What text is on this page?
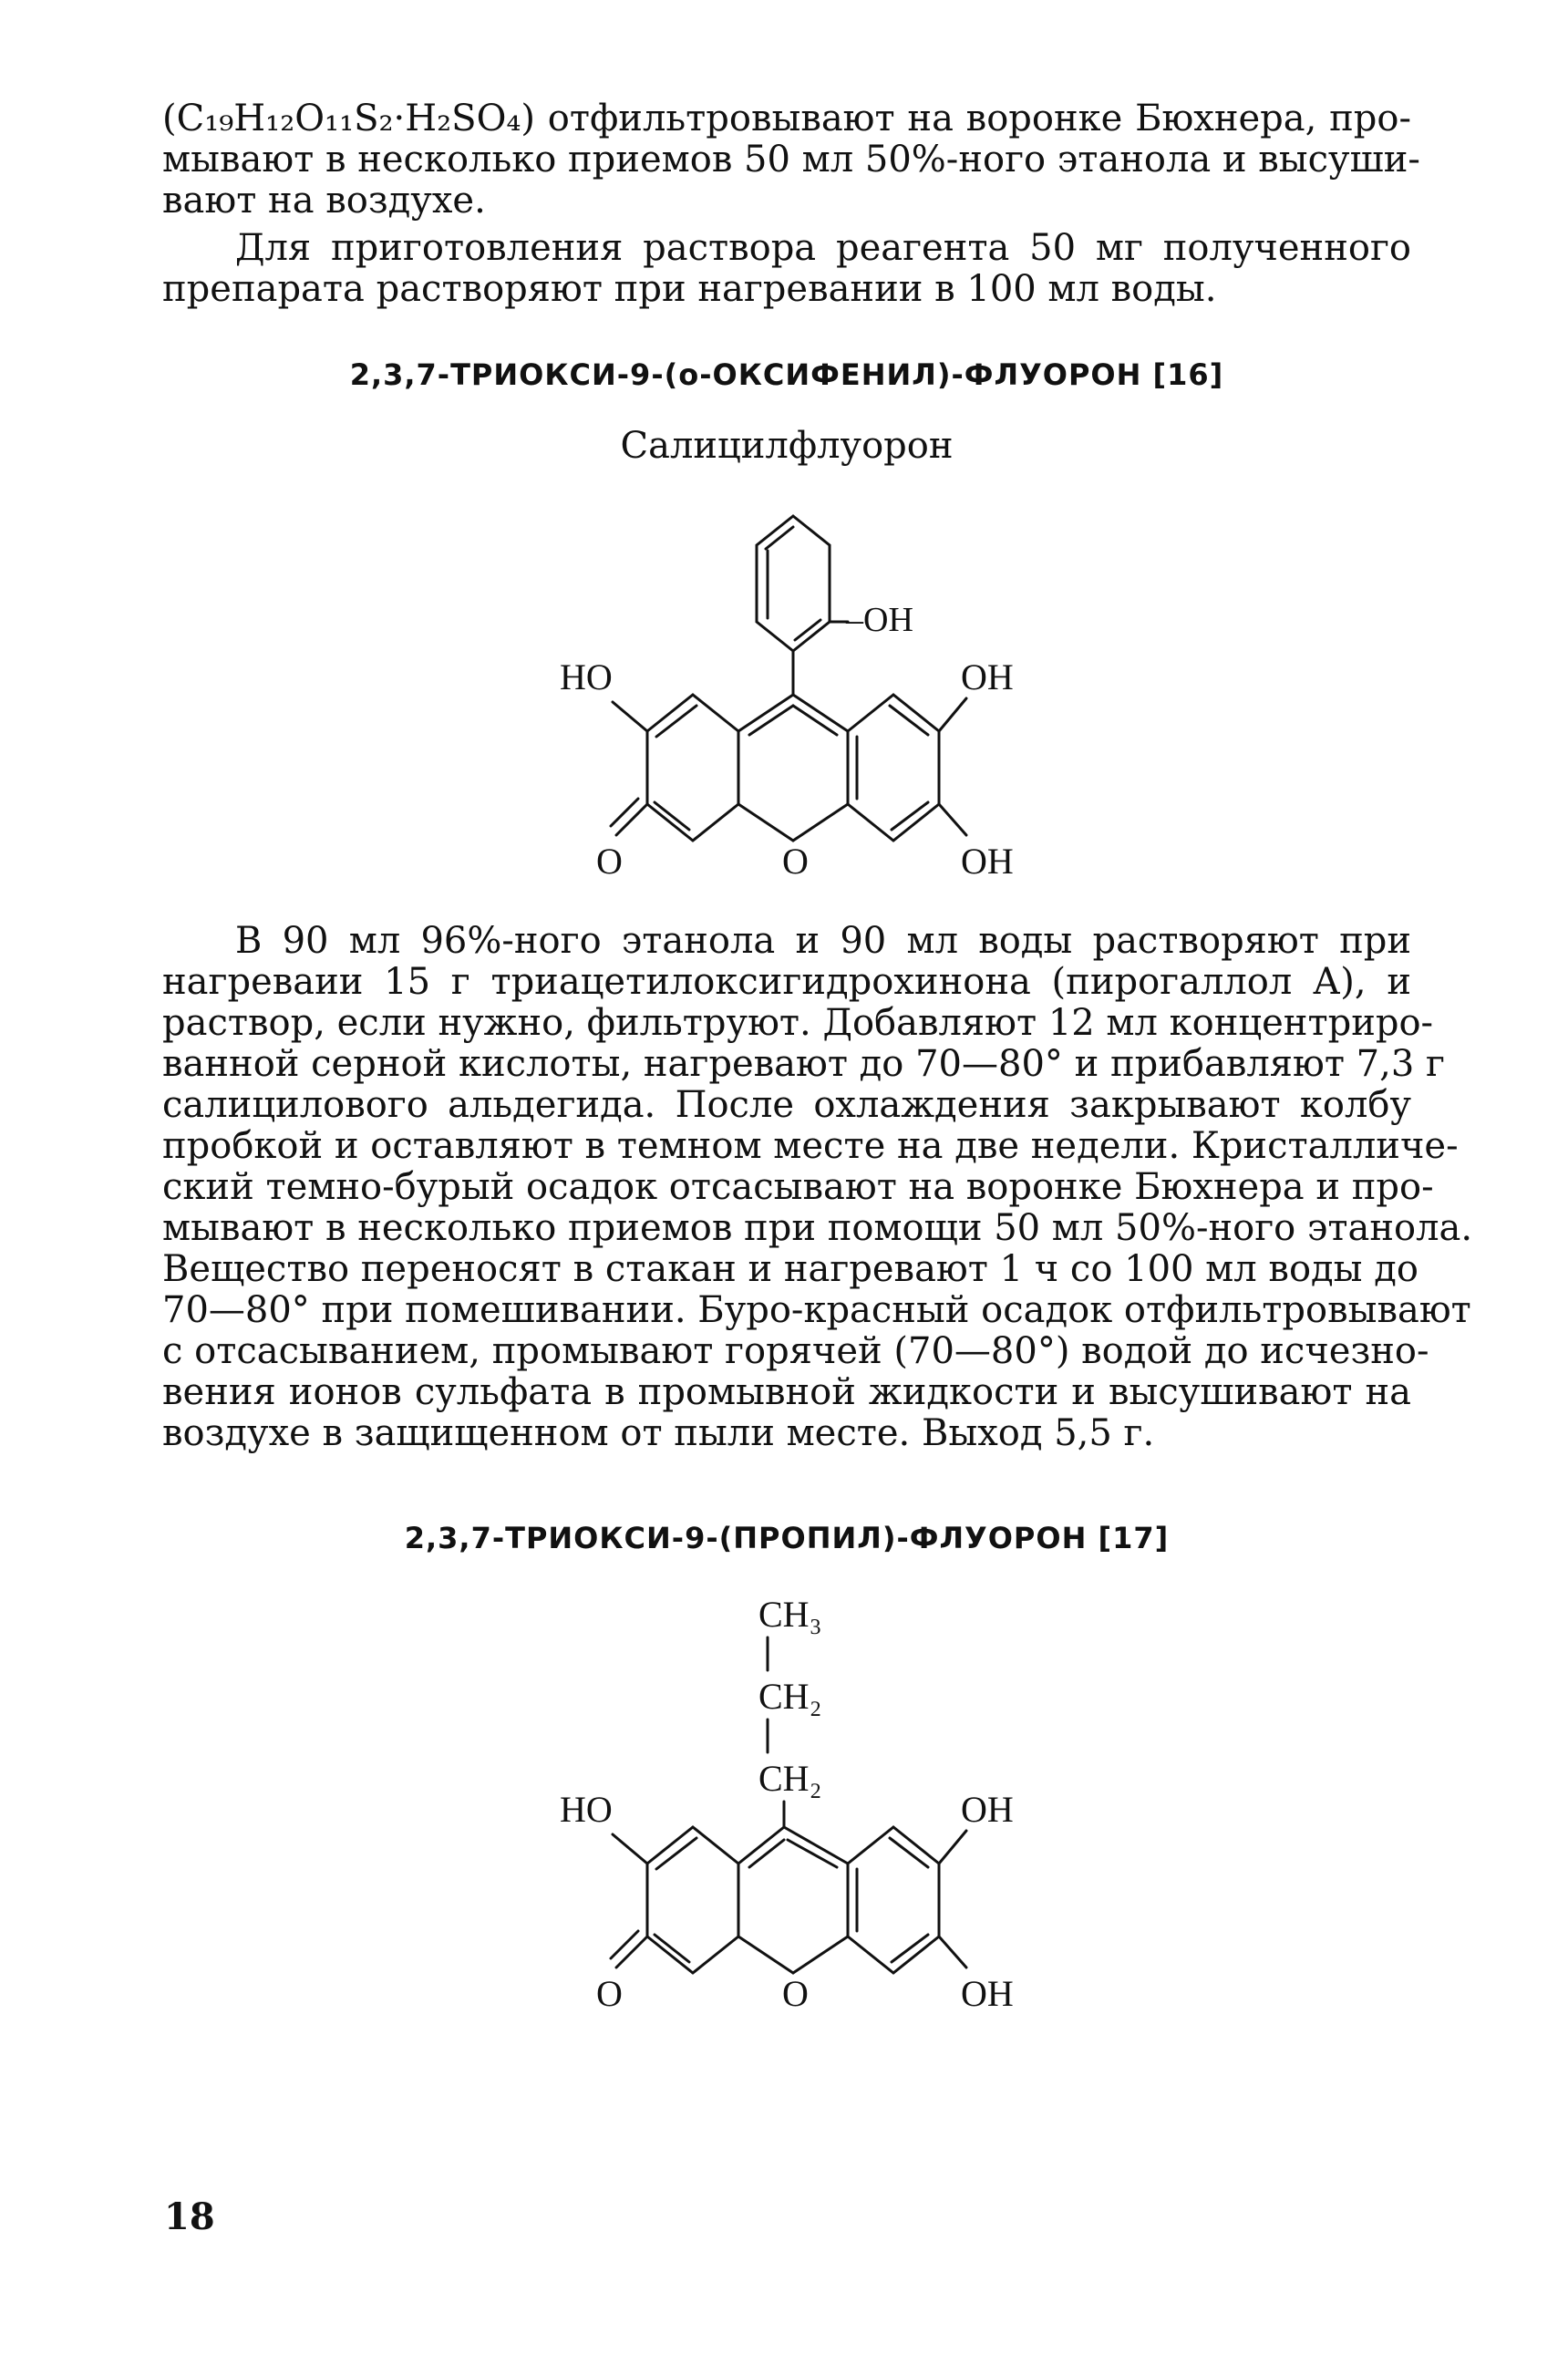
(C₁₉H₁₂O₁₁S₂·H₂SO₄) отфильтровывают на воронке Бюхнера, про-
мывают в несколько приемов 50 мл 50%-ного этанола и высуши-
вают на воздухе.

Для приготовления раствора реагента 50 мг полученного
препарата растворяют при нагревании в 100 мл воды.

2,3,7-ТРИОКСИ-9-(о-ОКСИФЕНИЛ)-ФЛУОРОН [16]
Салицилфлуорон
–OH
HO	OH
O	O	OH

В 90 мл 96%-ного этанола и 90 мл воды растворяют при
нагреваии 15 г триацетилоксигидрохинона (пирогаллол А), и
раствор, если нужно, фильтруют. Добавляют 12 мл концентриро-
ванной серной кислоты, нагревают до 70—80° и прибавляют 7,3 г
салицилового альдегида. После охлаждения закрывают колбу
пробкой и оставляют в темном месте на две недели. Кристалличе-
ский темно-бурый осадок отсасывают на воронке Бюхнера и про-
мывают в несколько приемов при помощи 50 мл 50%-ного этанола.
Вещество переносят в стакан и нагревают 1 ч со 100 мл воды до
70—80° при помешивании. Буро-красный осадок отфильтровывают
с отсасыванием, промывают горячей (70—80°) водой до исчезно-
вения ионов сульфата в промывной жидкости и высушивают на
воздухе в защищенном от пыли месте. Выход 5,5 г.

2,3,7-ТРИОКСИ-9-(ПРОПИЛ)-ФЛУОРОН [17]
CH₃
CH₂
CH₂
HO	OH
O	O	OH
18
